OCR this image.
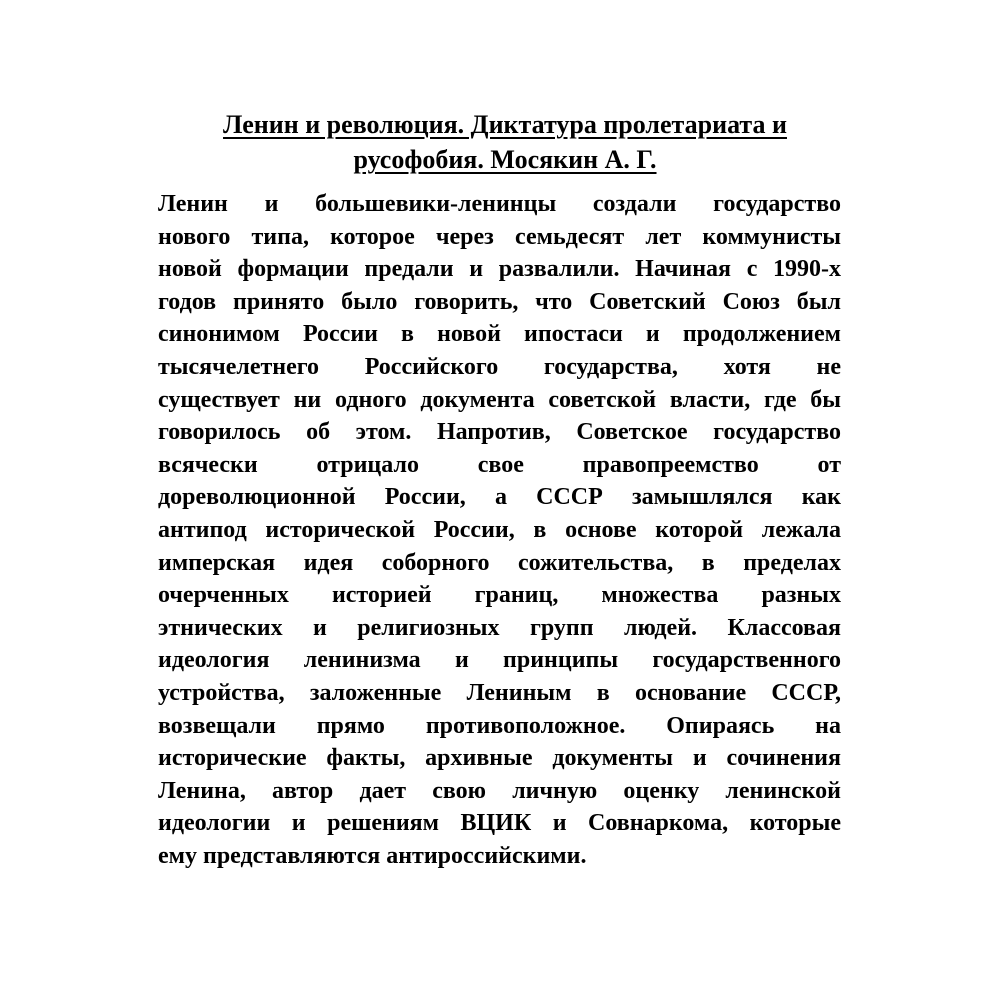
Ленин и революция. Диктатура пролетариата и
русофобия. Мосякин А. Г.
Ленин и большевики-ленинцы создали государство
нового типа, которое через семьдесят лет коммунисты
новой формации предали и развалили. Начиная с 1990-х
годов принято было говорить, что Советский Союз был
синонимом России в новой ипостаси и продолжением
тысячелетнего Российского государства, хотя не
существует ни одного документа советской власти, где бы
говорилось об этом. Напротив, Советское государство
всячески отрицало свое правопреемство от
дореволюционной России, а СССР замышлялся как
антипод исторической России, в основе которой лежала
имперская идея соборного сожительства, в пределах
очерченных историей границ, множества разных
этнических и религиозных групп людей. Классовая
идеология ленинизма и принципы государственного
устройства, заложенные Лениным в основание СССР,
возвещали прямо противоположное. Опираясь на
исторические факты, архивные документы и сочинения
Ленина, автор дает свою личную оценку ленинской
идеологии и решениям ВЦИК и Совнаркома, которые
ему представляются антироссийскими.
